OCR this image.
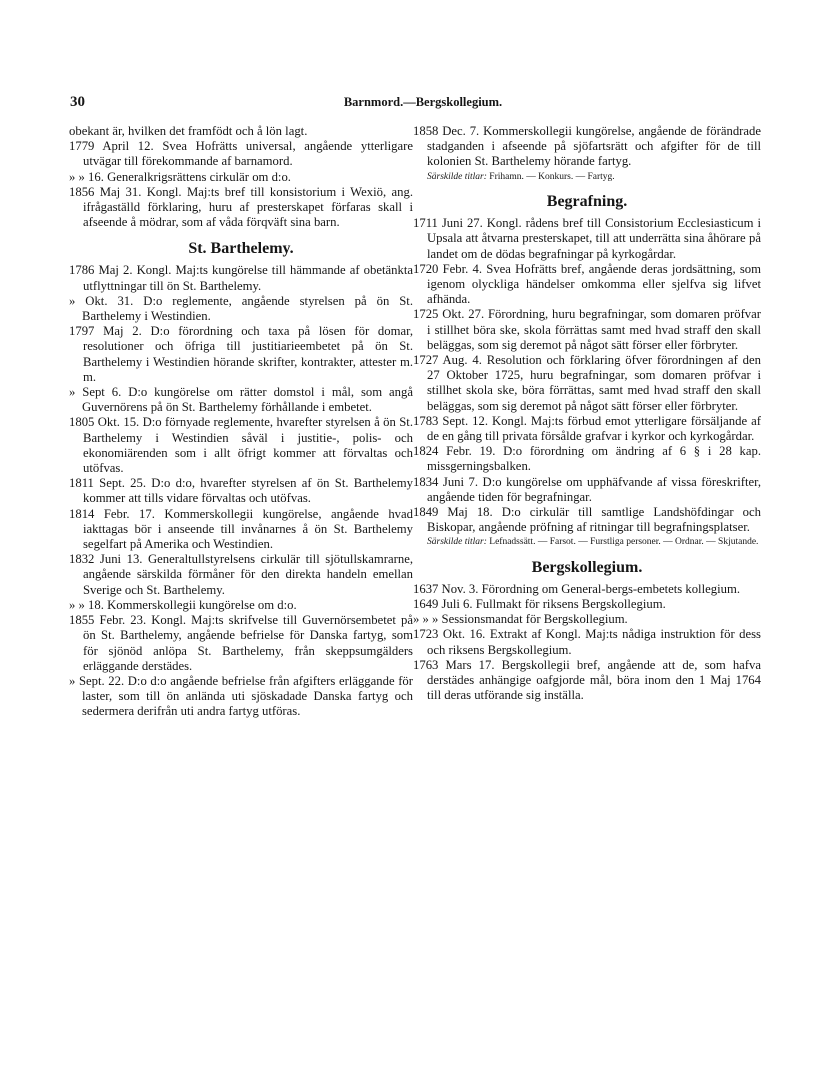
30	Barnmord.—Bergskollegium.

obekant är, hvilken det framfödt och å lön lagt.

1779 April 12. Svea Hofrätts universal, angående ytterligare utvägar till förekommande af barnamord.

» » 16. Generalkrigsrättens cirkulär om d:o.

1856 Maj 31. Kongl. Maj:ts bref till konsistorium i Wexiö, ang. ifrågaställd förklaring, huru af presterskapet förfaras skall i afseende å mödrar, som af våda förqväft sina barn.

St. Barthelemy.

1786 Maj 2. Kongl. Maj:ts kungörelse till hämmande af obetänkta utflyttningar till ön St. Barthelemy.

» Okt. 31. D:o reglemente, angående styrelsen på ön St. Barthelemy i Westindien.

1797 Maj 2. D:o förordning och taxa på lösen för domar, resolutioner och öfriga till justitiarieembetet på ön St. Barthelemy i Westindien hörande skrifter, kontrakter, attester m. m.

» Sept 6. D:o kungörelse om rätter domstol i mål, som angå Guvernörens på ön St. Barthelemy förhållande i embetet.

1805 Okt. 15. D:o förnyade reglemente, hvarefter styrelsen å ön St. Barthelemy i Westindien såväl i justitie-, polis- och ekonomiärenden som i allt öfrigt kommer att förvaltas och utöfvas.

1811 Sept. 25. D:o d:o, hvarefter styrelsen af ön St. Barthelemy kommer att tills vidare förvaltas och utöfvas.

1814 Febr. 17. Kommerskollegii kungörelse, angående hvad iakttagas bör i anseende till invånarnes å ön St. Barthelemy segelfart på Amerika och Westindien.

1832 Juni 13. Generaltullstyrelsens cirkulär till sjötullskamrarne, angående särskilda förmåner för den direkta handeln emellan Sverige och St. Barthelemy.

» » 18. Kommerskollegii kungörelse om d:o.

1855 Febr. 23. Kongl. Maj:ts skrifvelse till Guvernörsembetet på ön St. Barthelemy, angående befrielse för Danska fartyg, som för sjönöd anlöpa St. Barthelemy, från skeppsumgälders erläggande derstädes.

» Sept. 22. D:o d:o angående befrielse från afgifters erläggande för laster, som till ön anlända uti sjöskadade Danska fartyg och sedermera derifrån uti andra fartyg utföras.

1858 Dec. 7. Kommerskollegii kungörelse, angående de förändrade stadganden i afseende på sjöfartsrätt och afgifter för de till kolonien St. Barthelemy hörande fartyg.

Särskilde titlar: Frihamn. — Konkurs. — Fartyg.
Begrafning.

1711 Juni 27. Kongl. rådens bref till Consistorium Ecclesiasticum i Upsala att åtvarna presterskapet, till att underrätta sina åhörare på landet om de dödas begrafningar på kyrkogårdar.

1720 Febr. 4. Svea Hofrätts bref, angående deras jordsättning, som igenom olyckliga händelser omkomma eller sjelfva sig lifvet afhända.

1725 Okt. 27. Förordning, huru begrafningar, som domaren pröfvar i stillhet böra ske, skola förrättas samt med hvad straff den skall beläggas, som sig deremot på något sätt förser eller förbryter.

1727 Aug. 4. Resolution och förklaring öfver förordningen af den 27 Oktober 1725, huru begrafningar, som domaren pröfvar i stillhet skola ske, böra förrättas, samt med hvad straff den skall beläggas, som sig deremot på något sätt förser eller förbryter.

1783 Sept. 12. Kongl. Maj:ts förbud emot ytterligare försäljande af de en gång till privata försålde grafvar i kyrkor och kyrkogårdar.

1824 Febr. 19. D:o förordning om ändring af 6 § i 28 kap. missgerningsbalken.

1834 Juni 7. D:o kungörelse om upphäfvande af vissa föreskrifter, angående tiden för begrafningar.

1849 Maj 18. D:o cirkulär till samtlige Landshöfdingar och Biskopar, angående pröfning af ritningar till begrafningsplatser.

Särskilde titlar: Lefnadssätt. — Farsot. — Furstliga personer. — Ordnar. — Skjutande.
Bergskollegium.

1637 Nov. 3. Förordning om General-bergs-embetets kollegium.

1649 Juli 6. Fullmakt för riksens Bergskollegium.

» » » Sessionsmandat för Bergskollegium.

1723 Okt. 16. Extrakt af Kongl. Maj:ts nådiga instruktion för dess och riksens Bergskollegium.

1763 Mars 17. Bergskollegii bref, angående att de, som hafva derstädes anhängige oafgjorde mål, böra inom den 1 Maj 1764 till deras utförande sig inställa.
